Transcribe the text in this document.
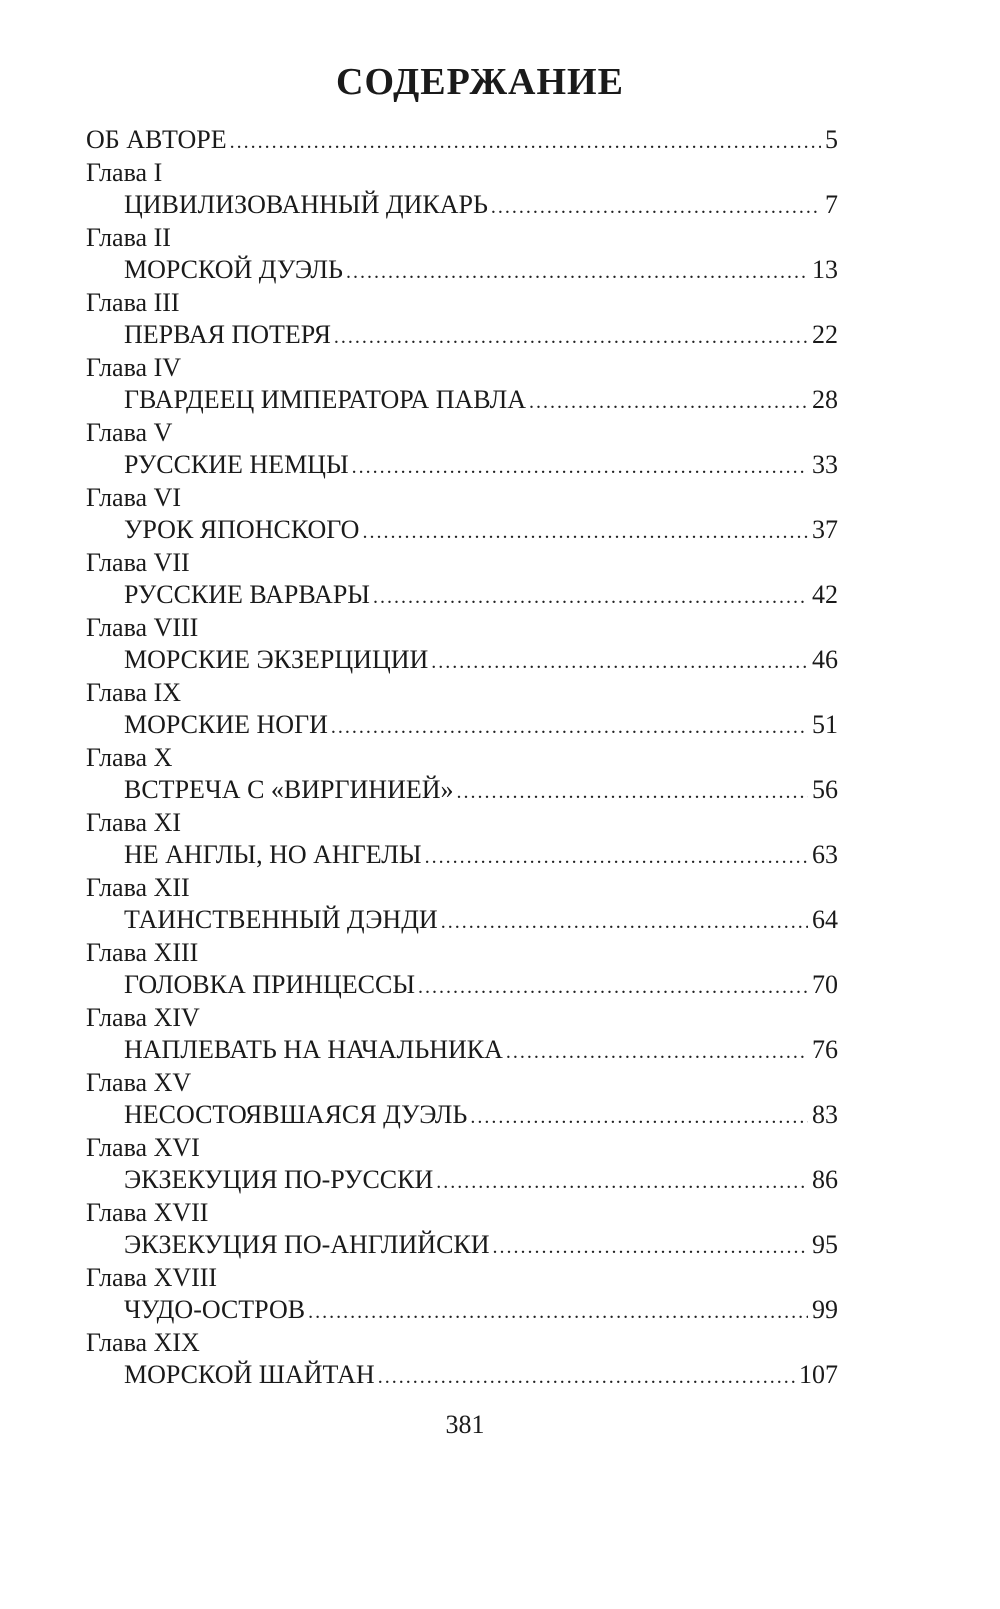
СОДЕРЖАНИЕ
ОБ АВТОРЕ .....	5
Глава I
ЦИВИЛИЗОВАННЫЙ ДИКАРЬ .....	7
Глава II
МОРСКОЙ ДУЭЛЬ .....	13
Глава III
ПЕРВАЯ ПОТЕРЯ .....	22
Глава IV
ГВАРДЕЕЦ ИМПЕРАТОРА ПАВЛА .....	28
Глава V
РУССКИЕ НЕМЦЫ .....	33
Глава VI
УРОК ЯПОНСКОГО .....	37
Глава VII
РУССКИЕ ВАРВАРЫ .....	42
Глава VIII
МОРСКИЕ ЭКЗЕРЦИЦИИ .....	46
Глава IX
МОРСКИЕ НОГИ .....	51
Глава X
ВСТРЕЧА С «ВИРГИНИЕЙ» .....	56
Глава XI
НЕ АНГЛЫ, НО АНГЕЛЫ .....	63
Глава XII
ТАИНСТВЕННЫЙ ДЭНДИ .....	64
Глава XIII
ГОЛОВКА ПРИНЦЕССЫ .....	70
Глава XIV
НАПЛЕВАТЬ НА НАЧАЛЬНИКА .....	76
Глава XV
НЕСОСТОЯВШАЯСЯ ДУЭЛЬ .....	83
Глава XVI
ЭКЗЕКУЦИЯ ПО-РУССКИ .....	86
Глава XVII
ЭКЗЕКУЦИЯ ПО-АНГЛИЙСКИ .....	95
Глава XVIII
ЧУДО-ОСТРОВ .....	99
Глава XIX
МОРСКОЙ ШАЙТАН .....	107
381
